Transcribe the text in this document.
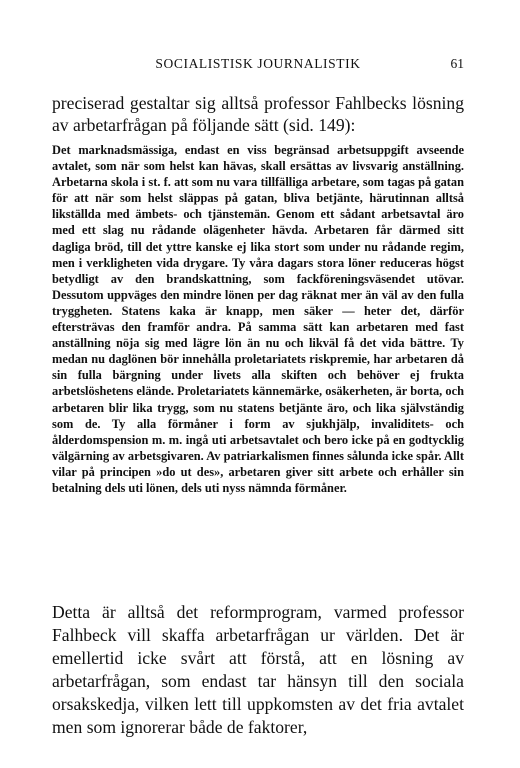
SOCIALISTISK JOURNALISTIK	61

preciserad gestaltar sig alltså professor Fahlbecks lösning av arbetarfrågan på följande sätt (sid. 149):

Det marknadsmässiga, endast en viss begränsad arbetsuppgift avseende avtalet, som när som helst kan hävas, skall ersättas av livsvarig anställning. Arbetarna skola i st. f. att som nu vara tillfälliga arbetare, som tagas på gatan för att när som helst släppas på gatan, bliva betjänte, härutinnan alltså likställda med ämbets- och tjänstemän. Genom ett sådant arbetsavtal äro med ett slag nu rådande olägenheter hävda. Arbetaren får därmed sitt dagliga bröd, till det yttre kanske ej lika stort som under nu rådande regim, men i verkligheten vida drygare. Ty våra dagars stora löner reduceras högst betydligt av den brandskattning, som fackföreningsväsendet utövar. Dessutom uppväges den mindre lönen per dag räknat mer än väl av den fulla tryggheten. Statens kaka är knapp, men säker — heter det, därför eftersträvas den framför andra. På samma sätt kan arbetaren med fast anställning nöja sig med lägre lön än nu och likväl få det vida bättre. Ty medan nu daglönen bör innehålla proletariatets riskpremie, har arbetaren då sin fulla bärgning under livets alla skiften och behöver ej frukta arbetslöshetens elände. Proletariatets kännemärke, osäkerheten, är borta, och arbetaren blir lika trygg, som nu statens betjänte äro, och lika självständig som de. Ty alla förmåner i form av sjukhjälp, invaliditets- och ålderdomspension m. m. ingå uti arbetsavtalet och bero icke på en godtycklig välgärning av arbetsgivaren. Av patriarkalismen finnes sålunda icke spår. Allt vilar på principen »do ut des», arbetaren giver sitt arbete och erhåller sin betalning dels uti lönen, dels uti nyss nämnda förmåner.

Detta är alltså det reformprogram, varmed professor Falhbeck vill skaffa arbetarfrågan ur världen. Det är emellertid icke svårt att förstå, att en lösning av arbetarfrågan, som endast tar hänsyn till den sociala orsakskedja, vilken lett till uppkomsten av det fria avtalet men som ignorerar både de faktorer,
